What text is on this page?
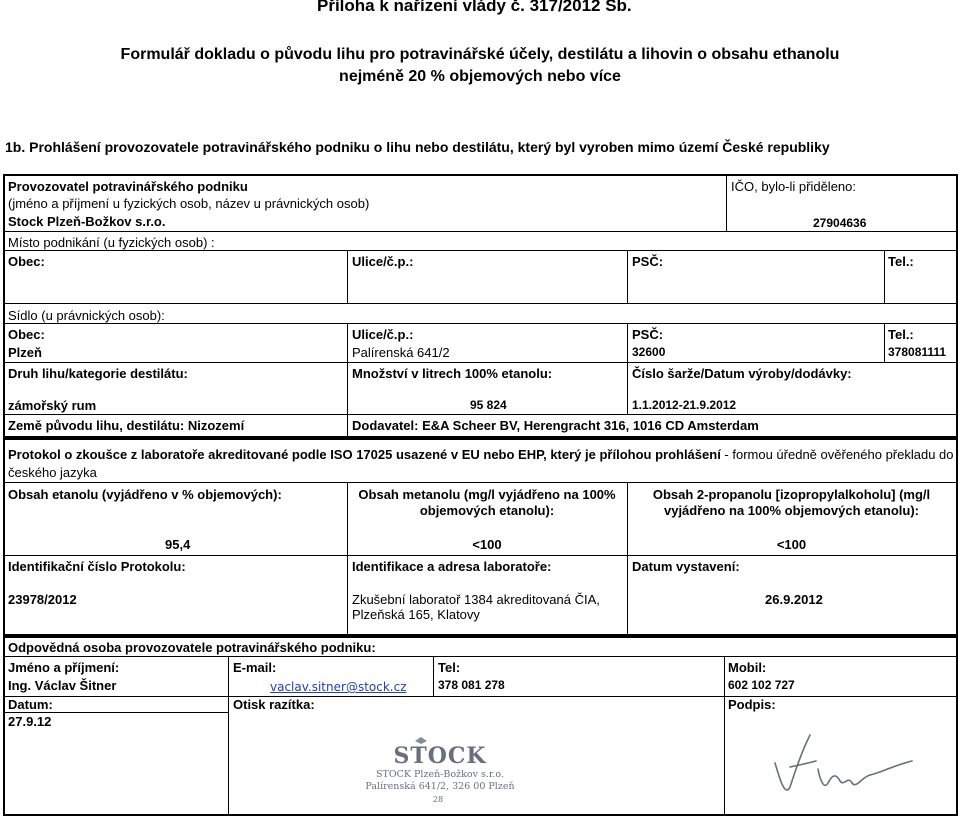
Příloha k nařízení vlády č. 317/2012 Sb.
Formulář dokladu o původu lihu pro potravinářské účely, destilátu a lihovin o obsahu ethanolu
nejméně 20 % objemových nebo více
1b. Prohlášení provozovatele potravinářského podniku o lihu nebo destilátu, který byl vyroben mimo území České republiky
Provozovatel potravinářského podniku
(jméno a příjmení u fyzických osob, název u právnických osob)
Stock Plzeň-Božkov s.r.o.
IČO, bylo-li přiděleno:
27904636
Místo podnikání (u fyzických osob) :
Obec:	Ulice/č.p.:	PSČ:	Tel.:
Sídlo (u právnických osob):
Obec:
Plzeň
Ulice/č.p.:
Palírenská 641/2
PSČ:
32600
Tel.:
378081111
Druh lihu/kategorie destilátu:
zámořský rum
Množství v litrech 100% etanolu:
95 824
Číslo šarže/Datum výroby/dodávky:
1.1.2012-21.9.2012
Země původu lihu, destilátu: Nizozemí	Dodavatel: E&A Scheer BV, Herengracht 316, 1016 CD Amsterdam
Protokol o zkoušce z laboratoře akreditované podle ISO 17025 usazené v EU nebo EHP, který je přílohou prohlášení - formou úředně ověřeného překladu do českého jazyka
Obsah etanolu (vyjádřeno v % objemových):
95,4
Obsah metanolu (mg/l vyjádřeno na 100%
objemových etanolu):
<100
Obsah 2-propanolu [izopropylalkoholu] (mg/l
vyjádřeno na 100% objemových etanolu):
<100
Identifikační číslo Protokolu:
23978/2012
Identifikace a adresa laboratoře:
Zkušební laboratoř 1384 akreditovaná ČIA,
Plzeňská 165, Klatovy
Datum vystavení:
26.9.2012
Odpovědná osoba provozovatele potravinářského podniku:
Jméno a příjmení:
Ing. Václav Šitner
E-mail:
vaclav.sitner@stock.cz
Tel:
378 081 278
Mobil:
602 102 727
Datum:
27.9.12
Otisk razítka:	Podpis:
STOCK
STOCK Plzeň-Božkov s.r.o.
Palírenská 641/2, 326 00 Plzeň
28
